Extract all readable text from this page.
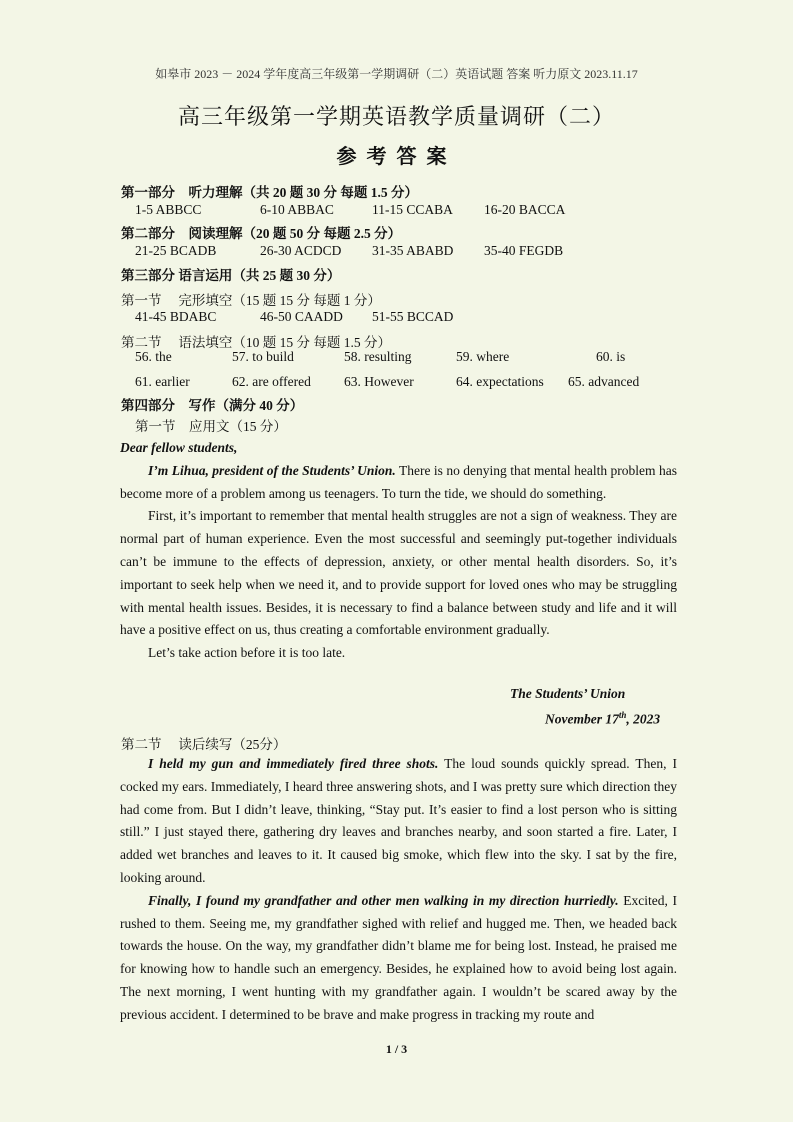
如皋市 2023 － 2024 学年度高三年级第一学期调研（二）英语试题 答案 听力原文 2023.11.17
高三年级第一学期英语教学质量调研（二）
参考答案
第一部分　听力理解（共 20 题 30 分 每题 1.5 分）
1-5 ABBCC	6-10 ABBAC	11-15 CCABA 16-20 BACCA
第二部分　阅读理解（20 题 50 分 每题 2.5 分）
21-25 BCADB	26-30 ACDCD 31-35 ABABD 35-40 FEGDB
第三部分 语言运用（共 25 题 30 分）
第一节　 完形填空（15 题 15 分 每题 1 分）
41-45 BDABC	46-50 CAADD 51-55 BCCAD
第二节　 语法填空（10 题 15 分 每题 1.5 分）
56. the	57. to build	58. resulting	59. where	60. is
61. earlier	62. are offered 63. However	64. expectations 65. advanced
第四部分　写作（满分 40 分）
第一节　应用文（15 分）

Dear fellow students,

I’m Lihua, president of the Students’ Union. There is no denying that mental health problem has become more of a problem among us teenagers. To turn the tide, we should do something.

First, it’s important to remember that mental health struggles are not a sign of weakness. They are normal part of human experience. Even the most successful and seemingly put-together individuals can’t be immune to the effects of depression, anxiety, or other mental health disorders. So, it’s important to seek help when we need it, and to provide support for loved ones who may be struggling with mental health issues. Besides, it is necessary to find a balance between study and life and it will have a positive effect on us, thus creating a comfortable environment gradually.

Let’s take action before it is too late.

The Students’ Union
November 17th, 2023
第二节　 读后续写（25分）

I held my gun and immediately fired three shots. The loud sounds quickly spread. Then, I cocked my ears. Immediately, I heard three answering shots, and I was pretty sure which direction they had come from. But I didn’t leave, thinking, “Stay put. It’s easier to find a lost person who is sitting still.” I just stayed there, gathering dry leaves and branches nearby, and soon started a fire. Later, I added wet branches and leaves to it. It caused big smoke, which flew into the sky. I sat by the fire, looking around.

Finally, I found my grandfather and other men walking in my direction hurriedly. Excited, I rushed to them. Seeing me, my grandfather sighed with relief and hugged me. Then, we headed back towards the house. On the way, my grandfather didn’t blame me for being lost. Instead, he praised me for knowing how to handle such an emergency. Besides, he explained how to avoid being lost again. The next morning, I went hunting with my grandfather again. I wouldn’t be scared away by the previous accident. I determined to be brave and make progress in tracking my route and

1 / 3
